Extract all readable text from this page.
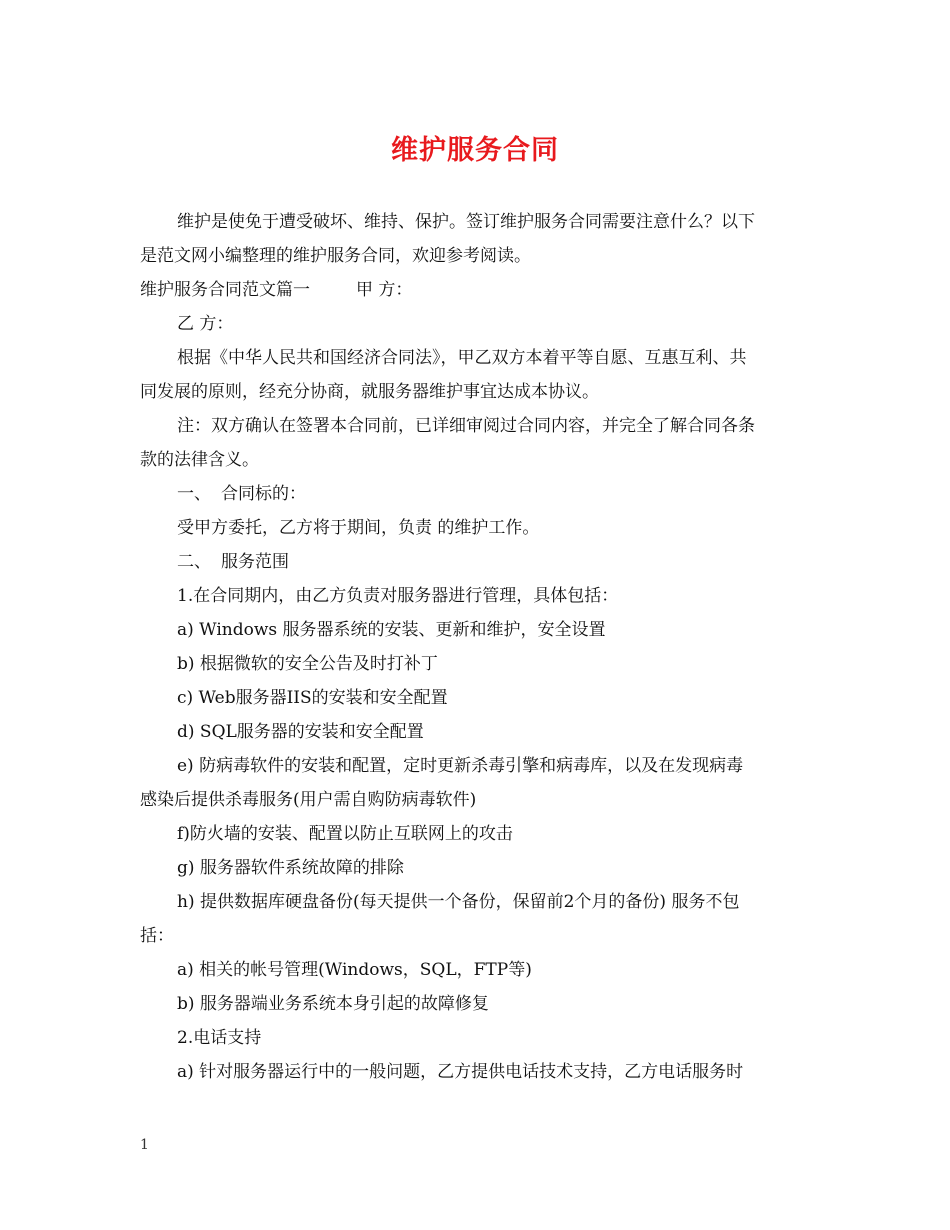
维护服务合同
维护是使免于遭受破坏、维持、保护。签订维护服务合同需要注意什么？以下
是范文网小编整理的维护服务合同，欢迎参考阅读。
维护服务合同范文篇一	甲 方：
乙 方：
根据《中华人民共和国经济合同法》，甲乙双方本着平等自愿、互惠互利、共
同发展的原则，经充分协商，就服务器维护事宜达成本协议。
注：双方确认在签署本合同前，已详细审阅过合同内容，并完全了解合同各条
款的法律含义。
一、 合同标的：
受甲方委托，乙方将于期间，负责 的维护工作。
二、 服务范围
1.在合同期内，由乙方负责对服务器进行管理，具体包括：
a) Windows 服务器系统的安装、更新和维护，安全设置
b) 根据微软的安全公告及时打补丁
c) Web服务器IIS的安装和安全配置
d) SQL服务器的安装和安全配置
e) 防病毒软件的安装和配置，定时更新杀毒引擎和病毒库，以及在发现病毒
感染后提供杀毒服务(用户需自购防病毒软件)
f)防火墙的安装、配置以防止互联网上的攻击
g) 服务器软件系统故障的排除
h) 提供数据库硬盘备份(每天提供一个备份，保留前2个月的备份) 服务不包
括：
a) 相关的帐号管理(Windows，SQL，FTP等)
b) 服务器端业务系统本身引起的故障修复
2.电话支持
a) 针对服务器运行中的一般问题，乙方提供电话技术支持，乙方电话服务时
1
